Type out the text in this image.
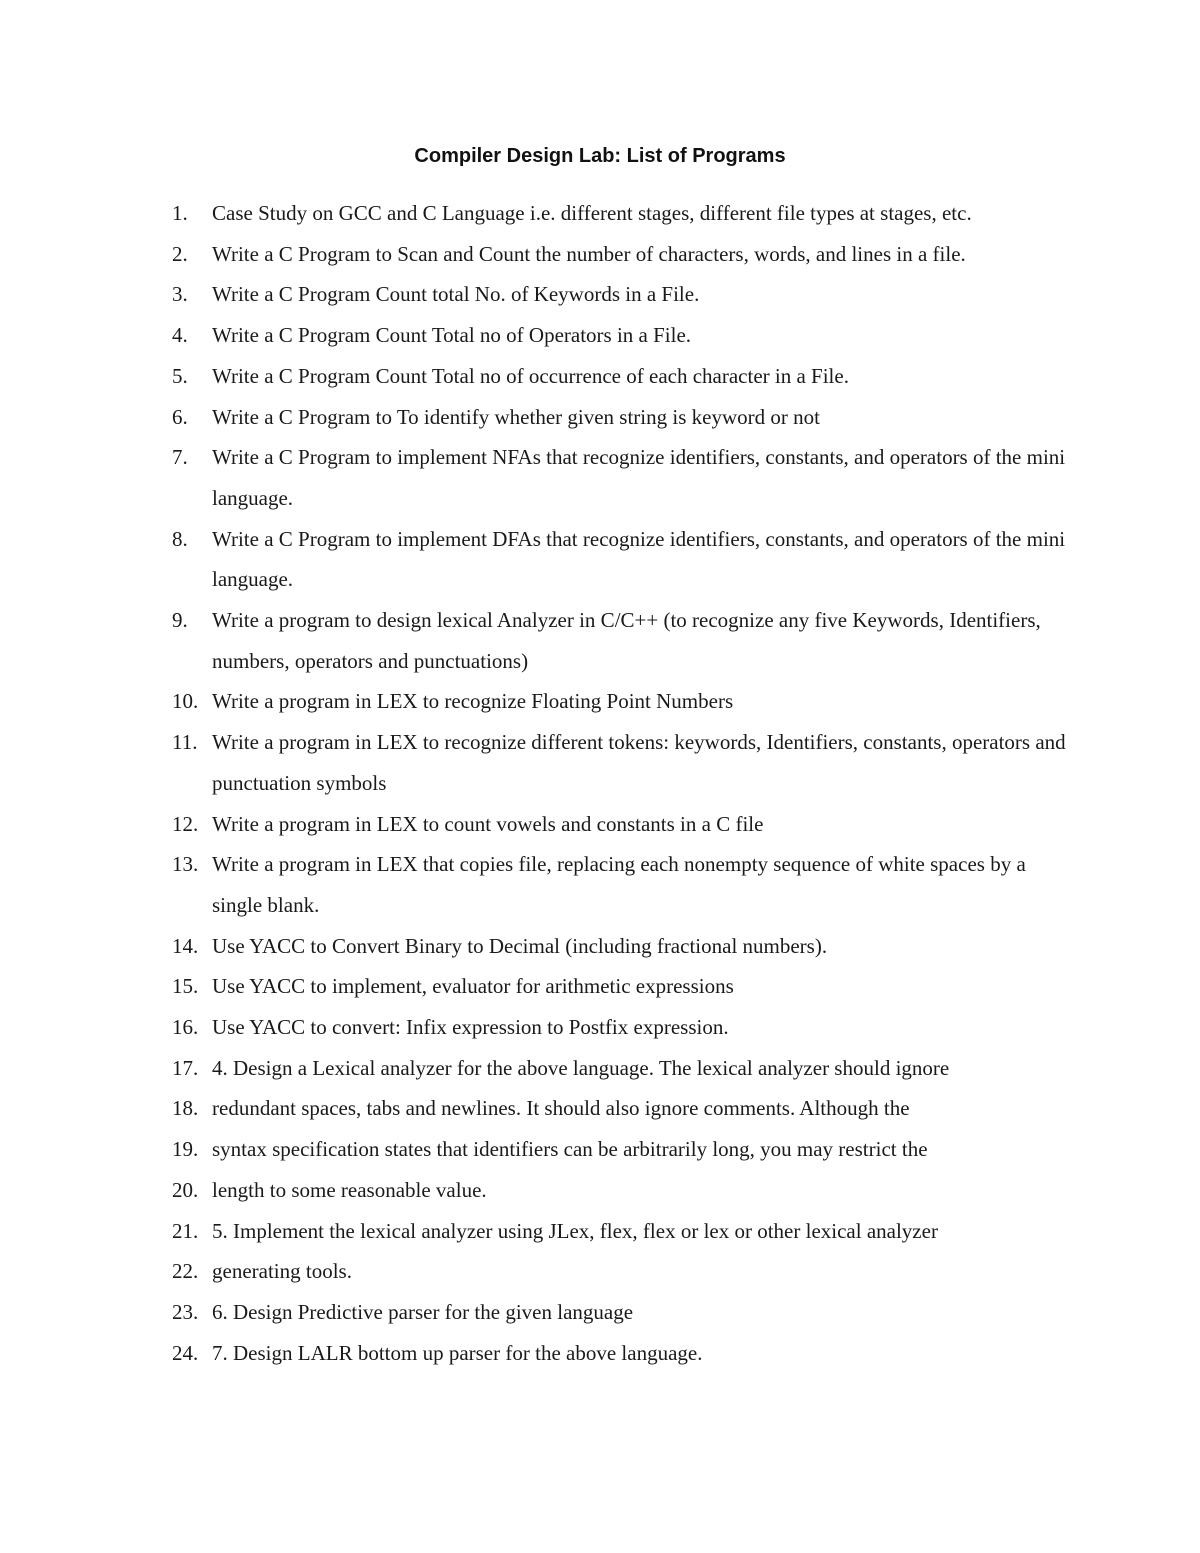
Compiler Design Lab: List of Programs
1.	Case Study on GCC and C Language i.e. different stages, different file types at stages, etc.
2.	Write a C Program to Scan and Count the number of characters, words, and lines in a file.
3.	Write a C Program Count total No. of Keywords in a File.
4.	Write a C Program Count Total no of Operators in a File.
5.	Write a C Program Count Total no of occurrence of each character in a File.
6.	Write a C Program to To identify whether given string is keyword or not
7.	Write a C Program to implement NFAs that recognize identifiers, constants, and operators of the mini language.
8.	Write a C Program to implement DFAs that recognize identifiers, constants, and operators of the mini language.
9.	Write a program to design lexical Analyzer in C/C++ (to recognize any five Keywords, Identifiers, numbers, operators and punctuations)
10. Write a program in LEX to recognize Floating Point Numbers
11. Write a program in LEX to recognize different tokens: keywords, Identifiers, constants, operators and punctuation symbols
12. Write a program in LEX to count vowels and constants in a C file
13. Write a program in LEX that copies file, replacing each nonempty sequence of white spaces by a single blank.
14. Use YACC to Convert Binary to Decimal (including fractional numbers).
15. Use YACC to implement, evaluator for arithmetic expressions
16. Use YACC to convert: Infix expression to Postfix expression.
17. 4. Design a Lexical analyzer for the above language. The lexical analyzer should ignore
18. redundant spaces, tabs and newlines. It should also ignore comments. Although the
19. syntax specification states that identifiers can be arbitrarily long, you may restrict the
20. length to some reasonable value.
21. 5. Implement the lexical analyzer using JLex, flex, flex or lex or other lexical analyzer
22. generating tools.
23. 6. Design Predictive parser for the given language
24. 7. Design LALR bottom up parser for the above language.
